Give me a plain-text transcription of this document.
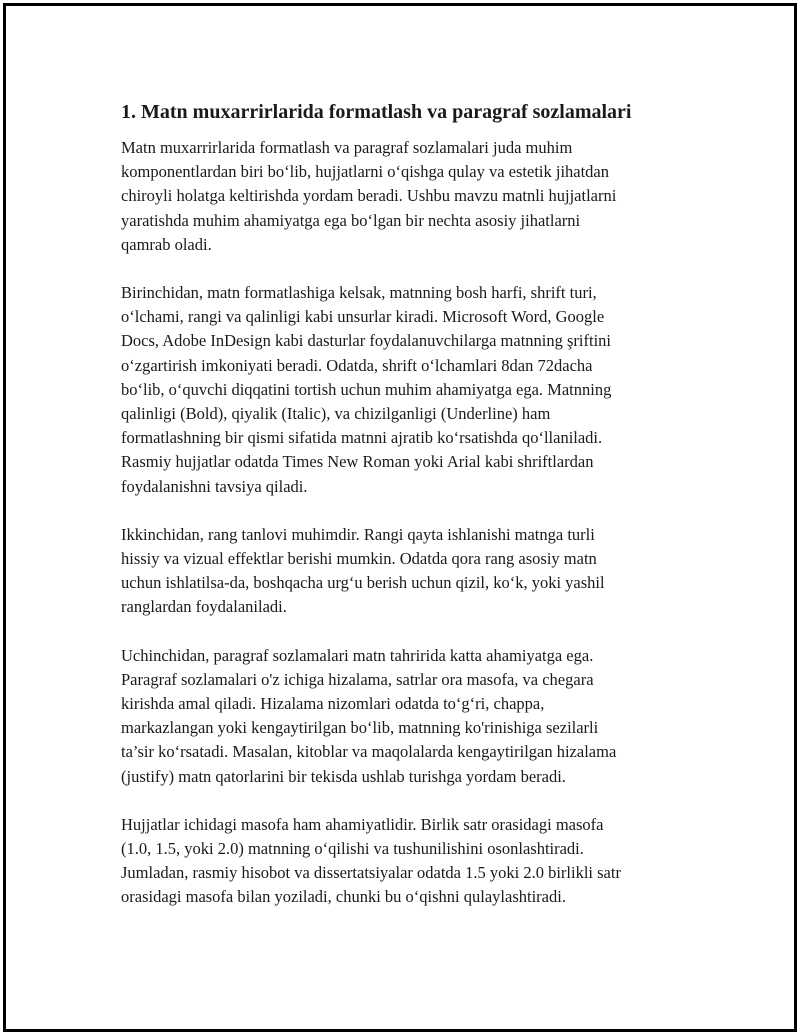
1. Matn muxarrirlarida formatlash va paragraf sozlamalari

Matn muxarrirlarida formatlash va paragraf sozlamalari juda muhim
komponentlardan biri bo‘lib, hujjatlarni o‘qishga qulay va estetik jihatdan
chiroyli holatga keltirishda yordam beradi. Ushbu mavzu matnli hujjatlarni
yaratishda muhim ahamiyatga ega bo‘lgan bir nechta asosiy jihatlarni
qamrab oladi.

Birinchidan, matn formatlashiga kelsak, matnning bosh harfi, shrift turi,
o‘lchami, rangi va qalinligi kabi unsurlar kiradi. Microsoft Word, Google
Docs, Adobe InDesign kabi dasturlar foydalanuvchilarga matnning şriftini
o‘zgartirish imkoniyati beradi. Odatda, shrift o‘lchamlari 8dan 72dacha
bo‘lib, o‘quvchi diqqatini tortish uchun muhim ahamiyatga ega. Matnning
qalinligi (Bold), qiyalik (Italic), va chizilganligi (Underline) ham
formatlashning bir qismi sifatida matnni ajratib ko‘rsatishda qo‘llaniladi.
Rasmiy hujjatlar odatda Times New Roman yoki Arial kabi shriftlardan
foydalanishni tavsiya qiladi.

Ikkinchidan, rang tanlovi muhimdir. Rangi qayta ishlanishi matnga turli
hissiy va vizual effektlar berishi mumkin. Odatda qora rang asosiy matn
uchun ishlatilsa-da, boshqacha urg‘u berish uchun qizil, ko‘k, yoki yashil
ranglardan foydalaniladi.

Uchinchidan, paragraf sozlamalari matn tahririda katta ahamiyatga ega.
Paragraf sozlamalari o'z ichiga hizalama, satrlar ora masofa, va chegara
kirishda amal qiladi. Hizalama nizomlari odatda to‘g‘ri, chappa,
markazlangan yoki kengaytirilgan bo‘lib, matnning ko'rinishiga sezilarli
ta’sir ko‘rsatadi. Masalan, kitoblar va maqolalarda kengaytirilgan hizalama
(justify) matn qatorlarini bir tekisda ushlab turishga yordam beradi.

Hujjatlar ichidagi masofa ham ahamiyatlidir. Birlik satr orasidagi masofa
(1.0, 1.5, yoki 2.0) matnning o‘qilishi va tushunilishini osonlashtiradi.
Jumladan, rasmiy hisobot va dissertatsiyalar odatda 1.5 yoki 2.0 birlikli satr
orasidagi masofa bilan yoziladi, chunki bu o‘qishni qulaylashtiradi.
